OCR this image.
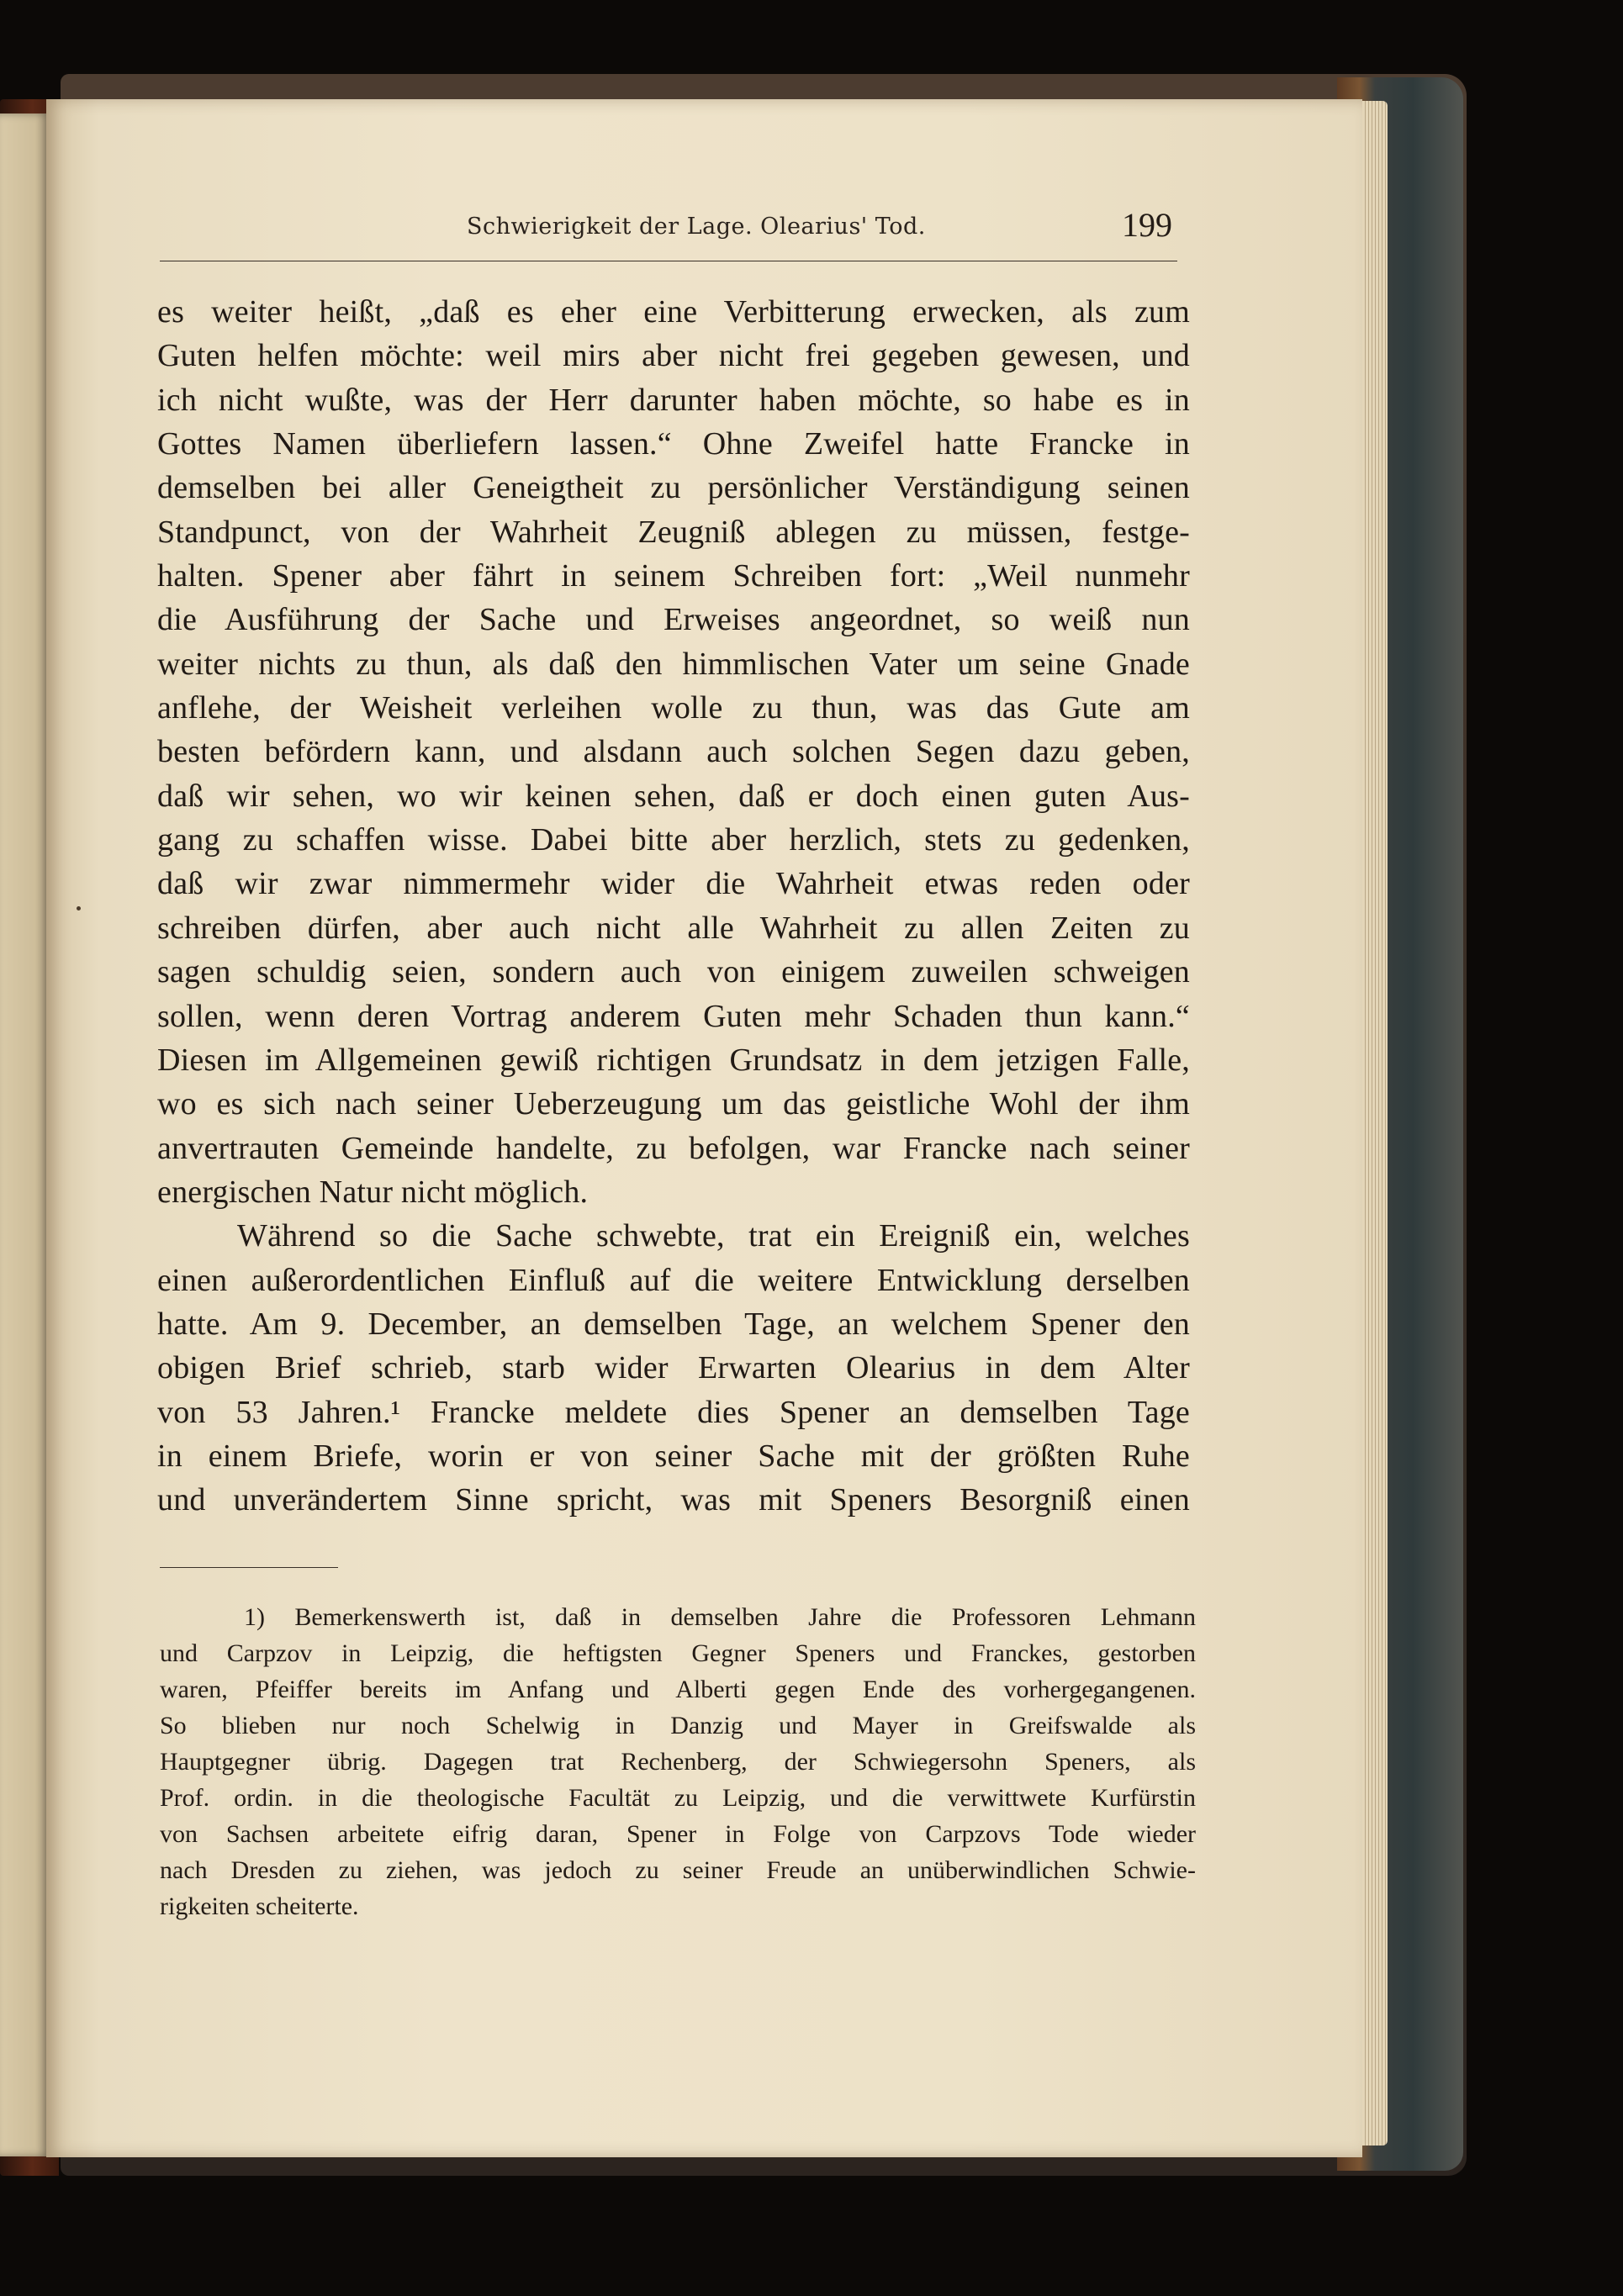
Schwierigkeit der Lage. Olearius' Tod.	199
es weiter heißt, „daß es eher eine Verbitterung erwecken, als zum
Guten helfen möchte: weil mirs aber nicht frei gegeben gewesen, und
ich nicht wußte, was der Herr darunter haben möchte, so habe es in
Gottes Namen überliefern lassen.“ Ohne Zweifel hatte Francke in
demselben bei aller Geneigtheit zu persönlicher Verständigung seinen
Standpunct, von der Wahrheit Zeugniß ablegen zu müssen, festge-
halten. Spener aber fährt in seinem Schreiben fort: „Weil nunmehr
die Ausführung der Sache und Erweises angeordnet, so weiß nun
weiter nichts zu thun, als daß den himmlischen Vater um seine Gnade
anflehe, der Weisheit verleihen wolle zu thun, was das Gute am
besten befördern kann, und alsdann auch solchen Segen dazu geben,
daß wir sehen, wo wir keinen sehen, daß er doch einen guten Aus-
gang zu schaffen wisse. Dabei bitte aber herzlich, stets zu gedenken,
daß wir zwar nimmermehr wider die Wahrheit etwas reden oder
schreiben dürfen, aber auch nicht alle Wahrheit zu allen Zeiten zu
sagen schuldig seien, sondern auch von einigem zuweilen schweigen
sollen, wenn deren Vortrag anderem Guten mehr Schaden thun kann.“
Diesen im Allgemeinen gewiß richtigen Grundsatz in dem jetzigen Falle,
wo es sich nach seiner Ueberzeugung um das geistliche Wohl der ihm
anvertrauten Gemeinde handelte, zu befolgen, war Francke nach seiner
energischen Natur nicht möglich.
Während so die Sache schwebte, trat ein Ereigniß ein, welches
einen außerordentlichen Einfluß auf die weitere Entwicklung derselben
hatte. Am 9. December, an demselben Tage, an welchem Spener den
obigen Brief schrieb, starb wider Erwarten Olearius in dem Alter
von 53 Jahren.¹ Francke meldete dies Spener an demselben Tage
in einem Briefe, worin er von seiner Sache mit der größten Ruhe
und unverändertem Sinne spricht, was mit Speners Besorgniß einen
1) Bemerkenswerth ist, daß in demselben Jahre die Professoren Lehmann
und Carpzov in Leipzig, die heftigsten Gegner Speners und Franckes, gestorben
waren, Pfeiffer bereits im Anfang und Alberti gegen Ende des vorhergegangenen.
So blieben nur noch Schelwig in Danzig und Mayer in Greifswalde als
Hauptgegner übrig. Dagegen trat Rechenberg, der Schwiegersohn Speners, als
Prof. ordin. in die theologische Facultät zu Leipzig, und die verwittwete Kurfürstin
von Sachsen arbeitete eifrig daran, Spener in Folge von Carpzovs Tode wieder
nach Dresden zu ziehen, was jedoch zu seiner Freude an unüberwindlichen Schwie-
rigkeiten scheiterte.
